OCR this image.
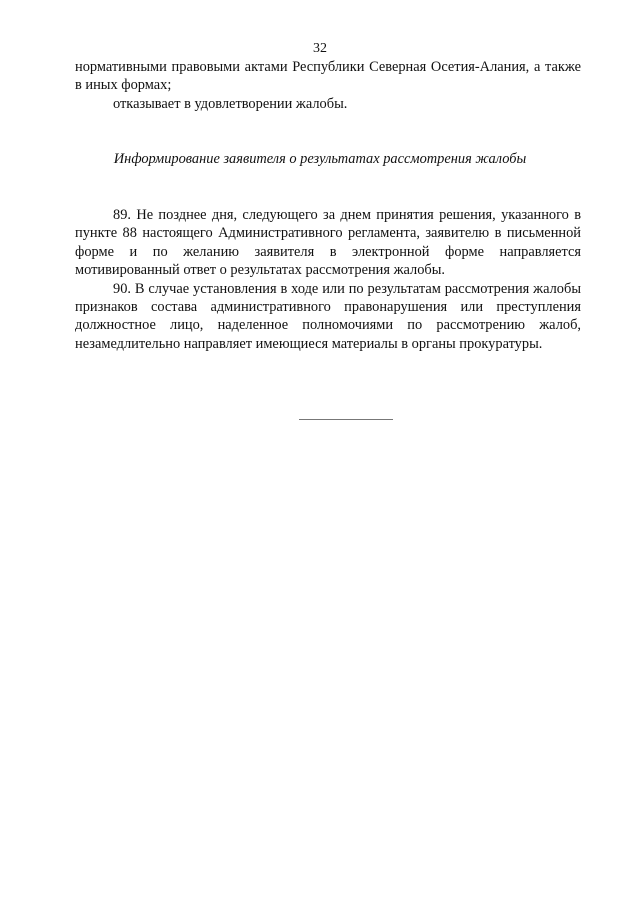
32

нормативными правовыми актами Республики Северная Осетия-Алания, а также в иных формах;

отказывает в удовлетворении жалобы.

Информирование заявителя о результатах рассмотрения жалобы

89. Не позднее дня, следующего за днем принятия решения, указанного в пункте 88 настоящего Административного регламента, заявителю в письменной форме и по желанию заявителя в электронной форме направляется мотивированный ответ о результатах рассмотрения жалобы.

90. В случае установления в ходе или по результатам рассмотрения жалобы признаков состава административного правонарушения или преступления должностное лицо, наделенное полномочиями по рассмотрению жалоб, незамедлительно направляет имеющиеся материалы в органы прокуратуры.
